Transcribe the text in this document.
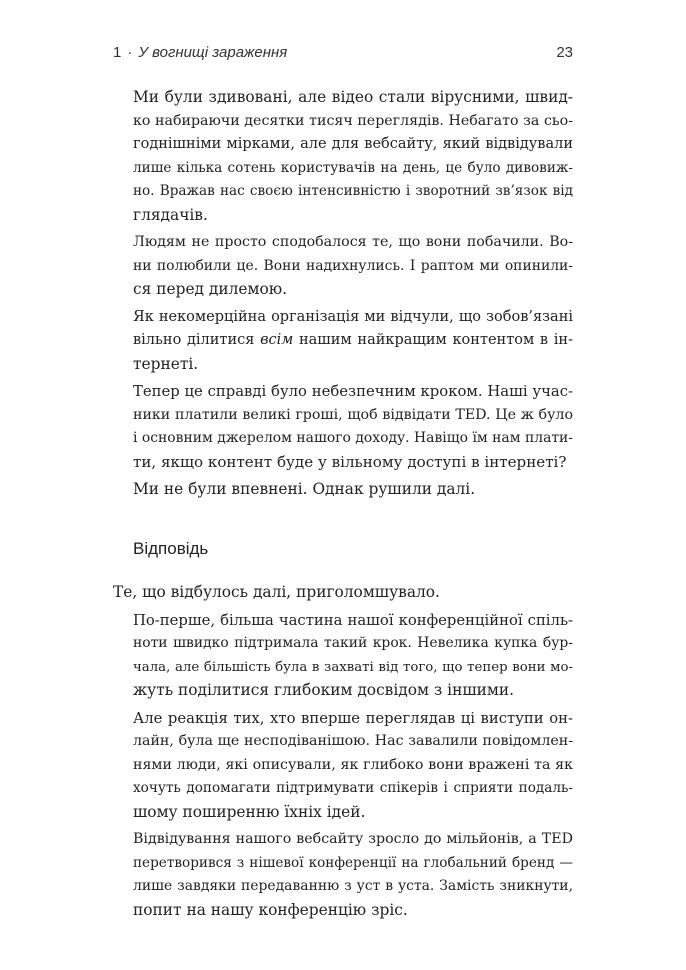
1 · У вогнищі зараження	23

Ми були здивовані, але відео стали вірусними, швид-
ко набираючи десятки тисяч переглядів. Небагато за сьо-
годнішніми мірками, але для вебсайту, який відвідували
лише кілька сотень користувачів на день, це було дивовиж-
но. Вражав нас своєю інтенсивністю і зворотний зв’язок від
глядачів.

Людям не просто сподобалося те, що вони побачили. Во-
ни полюбили це. Вони надихнулись. І раптом ми опинили-
ся перед дилемою.

Як некомерційна організація ми відчули, що зобов’язані
вільно ділитися всім нашим найкращим контентом в ін-
тернеті.

Тепер це справді було небезпечним кроком. Наші учас-
ники платили великі гроші, щоб відвідати TED. Це ж було
і основним джерелом нашого доходу. Навіщо їм нам плати-
ти, якщо контент буде у вільному доступі в інтернеті?

Ми не були впевнені. Однак рушили далі.

Відповідь

Те, що відбулось далі, приголомшувало.

По-перше, більша частина нашої конференційної спіль-
ноти швидко підтримала такий крок. Невелика купка бур-
чала, але більшість була в захваті від того, що тепер вони мо-
жуть поділитися глибоким досвідом з іншими.

Але реакція тих, хто вперше переглядав ці виступи он-
лайн, була ще несподіванішою. Нас завалили повідомлен-
нями люди, які описували, як глибоко вони вражені та як
хочуть допомагати підтримувати спікерів і сприяти подаль-
шому поширенню їхніх ідей.

Відвідування нашого вебсайту зросло до мільйонів, а TED
перетворився з нішевої конференції на глобальний бренд —
лише завдяки передаванню з уст в уста. Замість зникнути,
попит на нашу конференцію зріс.
